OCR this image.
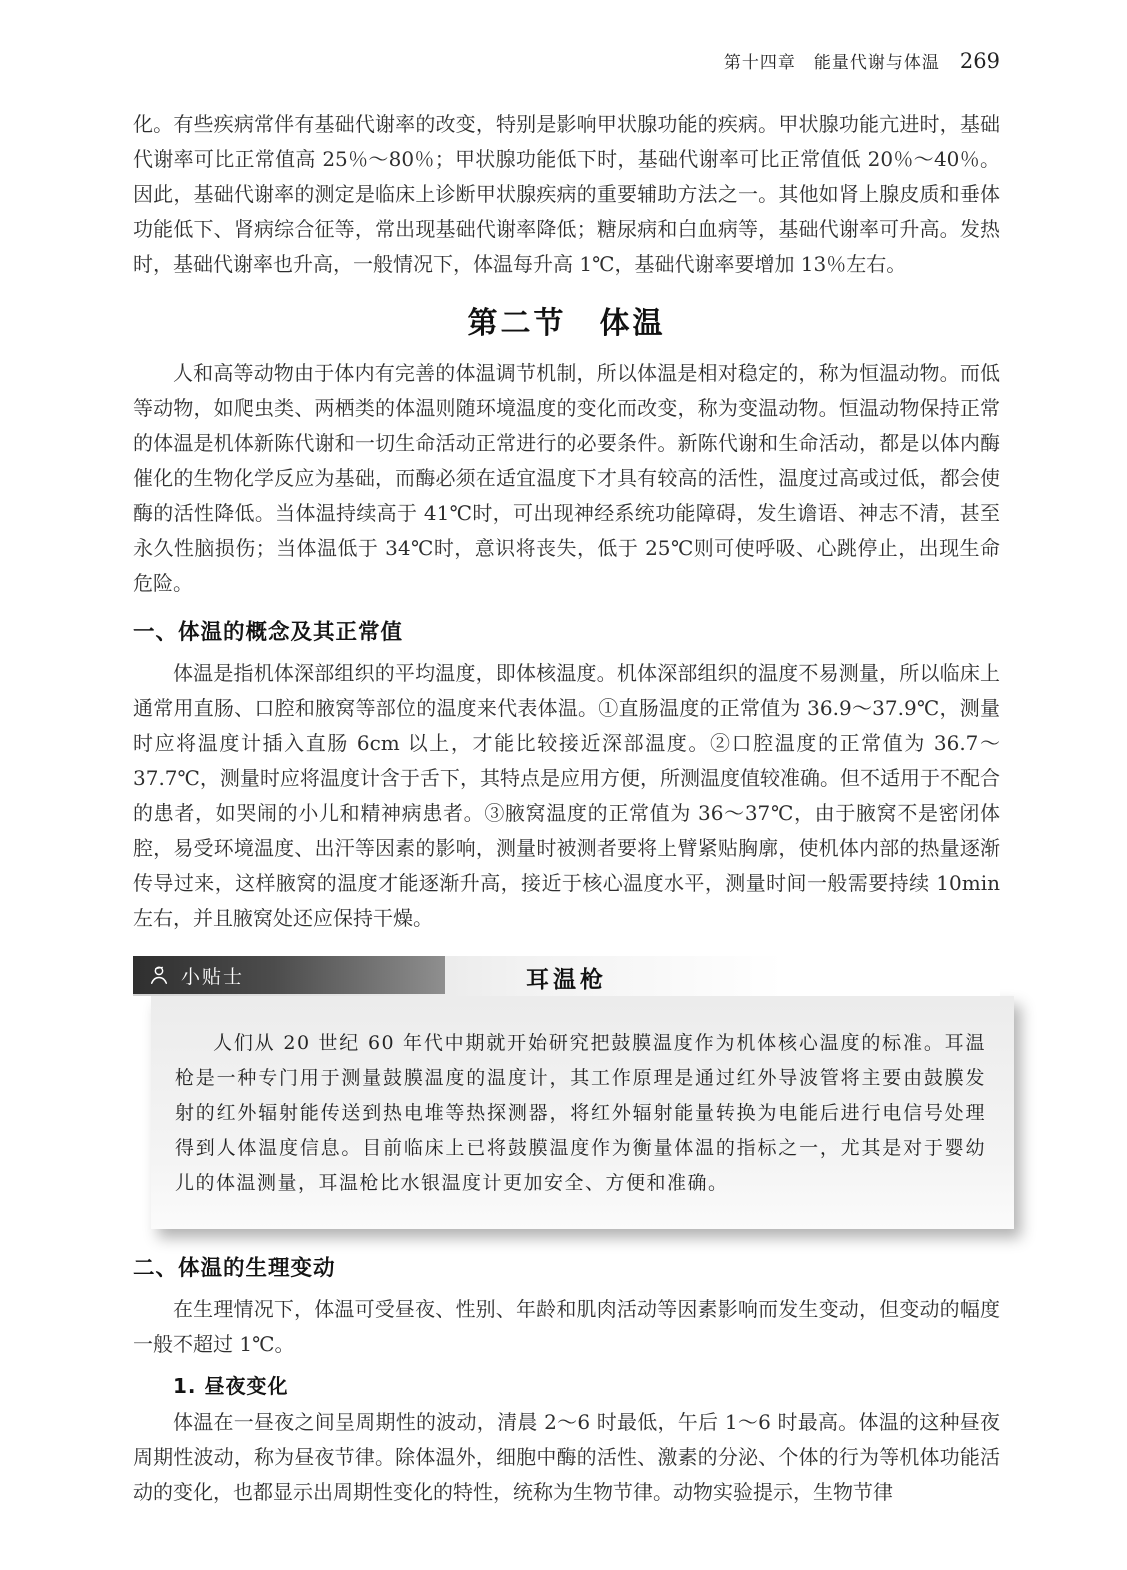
第十四章　能量代谢与体温 269

化。有些疾病常伴有基础代谢率的改变，特别是影响甲状腺功能的疾病。甲状腺功能亢进时，基础代谢率可比正常值高 25％～80％；甲状腺功能低下时，基础代谢率可比正常值低 20％～40％。因此，基础代谢率的测定是临床上诊断甲状腺疾病的重要辅助方法之一。其他如肾上腺皮质和垂体功能低下、肾病综合征等，常出现基础代谢率降低；糖尿病和白血病等，基础代谢率可升高。发热时，基础代谢率也升高，一般情况下，体温每升高 1℃，基础代谢率要增加 13％左右。

第二节　体温

人和高等动物由于体内有完善的体温调节机制，所以体温是相对稳定的，称为恒温动物。而低等动物，如爬虫类、两栖类的体温则随环境温度的变化而改变，称为变温动物。恒温动物保持正常的体温是机体新陈代谢和一切生命活动正常进行的必要条件。新陈代谢和生命活动，都是以体内酶催化的生物化学反应为基础，而酶必须在适宜温度下才具有较高的活性，温度过高或过低，都会使酶的活性降低。当体温持续高于 41℃时，可出现神经系统功能障碍，发生谵语、神志不清，甚至永久性脑损伤；当体温低于 34℃时，意识将丧失，低于 25℃则可使呼吸、心跳停止，出现生命危险。

一、体温的概念及其正常值

体温是指机体深部组织的平均温度，即体核温度。机体深部组织的温度不易测量，所以临床上通常用直肠、口腔和腋窝等部位的温度来代表体温。①直肠温度的正常值为 36.9～37.9℃，测量时应将温度计插入直肠 6cm 以上，才能比较接近深部温度。②口腔温度的正常值为 36.7～37.7℃，测量时应将温度计含于舌下，其特点是应用方便，所测温度值较准确。但不适用于不配合的患者，如哭闹的小儿和精神病患者。③腋窝温度的正常值为 36～37℃，由于腋窝不是密闭体腔，易受环境温度、出汗等因素的影响，测量时被测者要将上臂紧贴胸廓，使机体内部的热量逐渐传导过来，这样腋窝的温度才能逐渐升高，接近于核心温度水平，测量时间一般需要持续 10min 左右，并且腋窝处还应保持干燥。

小贴士	耳温枪
人们从 20 世纪 60 年代中期就开始研究把鼓膜温度作为机体核心温度的标准。耳温枪是一种专门用于测量鼓膜温度的温度计，其工作原理是通过红外导波管将主要由鼓膜发射的红外辐射能传送到热电堆等热探测器，将红外辐射能量转换为电能后进行电信号处理得到人体温度信息。目前临床上已将鼓膜温度作为衡量体温的指标之一，尤其是对于婴幼儿的体温测量，耳温枪比水银温度计更加安全、方便和准确。
二、体温的生理变动

在生理情况下，体温可受昼夜、性别、年龄和肌肉活动等因素影响而发生变动，但变动的幅度一般不超过 1℃。

1. 昼夜变化

体温在一昼夜之间呈周期性的波动，清晨 2～6 时最低，午后 1～6 时最高。体温的这种昼夜周期性波动，称为昼夜节律。除体温外，细胞中酶的活性、激素的分泌、个体的行为等机体功能活动的变化，也都显示出周期性变化的特性，统称为生物节律。动物实验提示，生物节律
